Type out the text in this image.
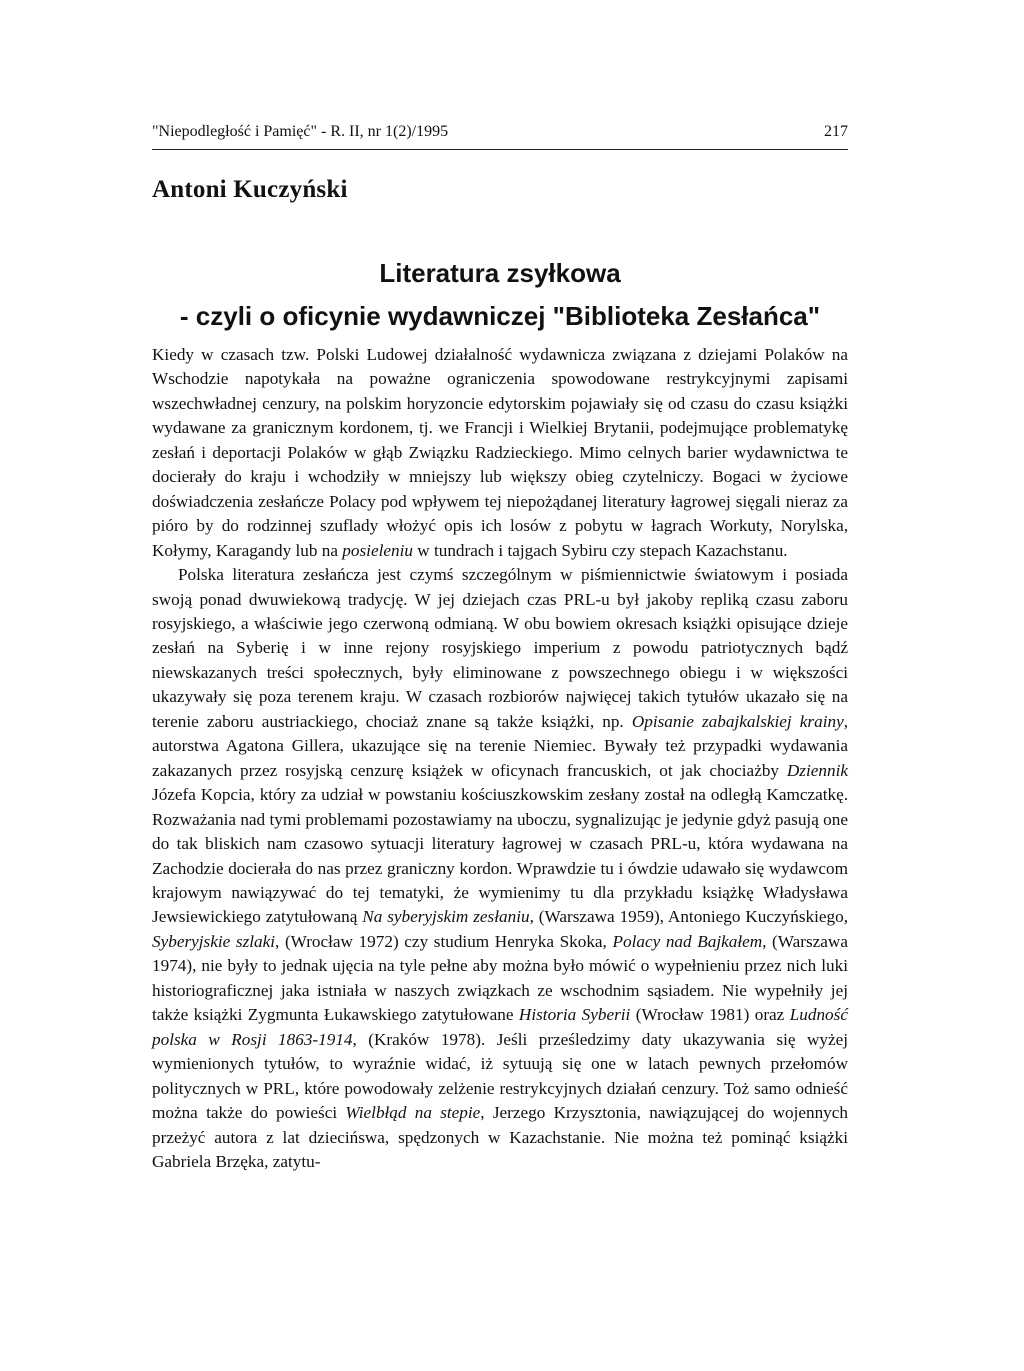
"Niepodległość i Pamięć" - R. II, nr 1(2)/1995	217
Antoni Kuczyński
Literatura zsyłkowa
- czyli o oficynie wydawniczej "Biblioteka Zesłańca"

Kiedy w czasach tzw. Polski Ludowej działalność wydawnicza związana z dziejami Polaków na Wschodzie napotykała na poważne ograniczenia spowodowane restrykcyjnymi zapisami wszechwładnej cenzury, na polskim horyzoncie edytorskim pojawiały się od czasu do czasu książki wydawane za granicznym kordonem, tj. we Francji i Wielkiej Brytanii, podejmujące problematykę zesłań i deportacji Polaków w głąb Związku Radzieckiego. Mimo celnych barier wydawnictwa te docierały do kraju i wchodziły w mniejszy lub większy obieg czytelniczy. Bogaci w życiowe doświadczenia zesłańcze Polacy pod wpływem tej niepożądanej literatury łagrowej sięgali nieraz za pióro by do rodzinnej szuflady włożyć opis ich losów z pobytu w łagrach Workuty, Norylska, Kołymy, Karagandy lub na posieleniu w tundrach i tajgach Sybiru czy stepach Kazachstanu.

Polska literatura zesłańcza jest czymś szczególnym w piśmiennictwie światowym i posiada swoją ponad dwuwiekową tradycję. W jej dziejach czas PRL-u był jakoby repliką czasu zaboru rosyjskiego, a właściwie jego czerwoną odmianą. W obu bowiem okresach książki opisujące dzieje zesłań na Syberię i w inne rejony rosyjskiego imperium z powodu patriotycznych bądź niewskazanych treści społecznych, były eliminowane z powszechnego obiegu i w większości ukazywały się poza terenem kraju. W czasach rozbiorów najwięcej takich tytułów ukazało się na terenie zaboru austriackiego, chociaż znane są także książki, np. Opisanie zabajkalskiej krainy, autorstwa Agatona Gillera, ukazujące się na terenie Niemiec. Bywały też przypadki wydawania zakazanych przez rosyjską cenzurę książek w oficynach francuskich, ot jak chociażby Dziennik Józefa Kopcia, który za udział w powstaniu kościuszkowskim zesłany został na odległą Kamczatkę. Rozważania nad tymi problemami pozostawiamy na uboczu, sygnalizując je jedynie gdyż pasują one do tak bliskich nam czasowo sytuacji literatury łagrowej w czasach PRL-u, która wydawana na Zachodzie docierała do nas przez graniczny kordon. Wprawdzie tu i ówdzie udawało się wydawcom krajowym nawiązywać do tej tematyki, że wymienimy tu dla przykładu książkę Władysława Jewsiewickiego zatytułowaną Na syberyjskim zesłaniu, (Warszawa 1959), Antoniego Kuczyńskiego, Syberyjskie szlaki, (Wrocław 1972) czy studium Henryka Skoka, Polacy nad Bajkałem, (Warszawa 1974), nie były to jednak ujęcia na tyle pełne aby można było mówić o wypełnieniu przez nich luki historiograficznej jaka istniała w naszych związkach ze wschodnim sąsiadem. Nie wypełniły jej także książki Zygmunta Łukawskiego zatytułowane Historia Syberii (Wrocław 1981) oraz Ludność polska w Rosji 1863-1914, (Kraków 1978). Jeśli prześledzimy daty ukazywania się wyżej wymienionych tytułów, to wyraźnie widać, iż sytuują się one w latach pewnych przełomów politycznych w PRL, które powodowały zelżenie restrykcyjnych działań cenzury. Toż samo odnieść można także do powieści Wielbłąd na stepie, Jerzego Krzysztonia, nawiązującej do wojennych przeżyć autora z lat dziecińswa, spędzonych w Kazachstanie. Nie można też pominąć książki Gabriela Brzęka, zatytu-
